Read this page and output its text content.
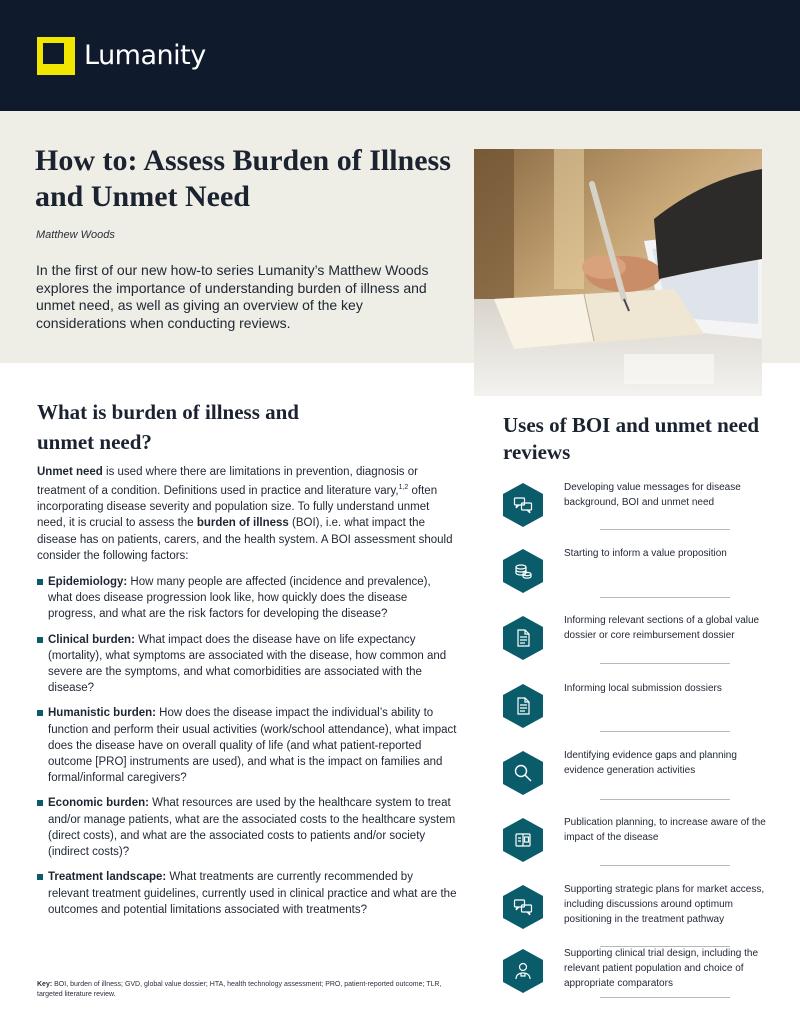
Lumanity
How to: Assess Burden of Illness and Unmet Need
Matthew Woods

In the first of our new how-to series Lumanity’s Matthew Woods explores the importance of understanding burden of illness and unmet need, as well as giving an overview of the key considerations when conducting reviews.

What is burden of illness and unmet need?

Unmet need is used where there are limitations in prevention, diagnosis or treatment of a condition. Definitions used in practice and literature vary,$^{1,2}$ often incorporating disease severity and population size. To fully understand unmet need, it is crucial to assess the burden of illness (BOI), i.e. what impact the disease has on patients, carers, and the health system. A BOI assessment should consider the following factors:

Epidemiology: How many people are affected (incidence and prevalence), what does disease progression look like, how quickly does the disease progress, and what are the risk factors for developing the disease?
Clinical burden: What impact does the disease have on life expectancy (mortality), what symptoms are associated with the disease, how common and severe are the symptoms, and what comorbidities are associated with the disease?
Humanistic burden: How does the disease impact the individual’s ability to function and perform their usual activities (work/school attendance), what impact does the disease have on overall quality of life (and what patient-reported outcome [PRO] instruments are used), and what is the impact on families and formal/informal caregivers?
Economic burden: What resources are used by the healthcare system to treat and/or manage patients, what are the associated costs to the healthcare system (direct costs), and what are the associated costs to patients and/or society (indirect costs)?
Treatment landscape: What treatments are currently recommended by relevant treatment guidelines, currently used in clinical practice and what are the outcomes and potential limitations associated with treatments?

Key: BOI, burden of illness; GVD, global value dossier; HTA, health technology assessment; PRO, patient-reported outcome; TLR, targeted literature review.

Uses of BOI and unmet need reviews
Developing value messages for disease background, BOI and unmet need
Starting to inform a value proposition
Informing relevant sections of a global value dossier or core reimbursement dossier
Informing local submission dossiers
Identifying evidence gaps and planning evidence generation activities
Publication planning, to increase aware of the impact of the disease
Supporting strategic plans for market access, including discussions around optimum positioning in the treatment pathway
Supporting clinical trial design, including the relevant patient population and choice of appropriate comparators
